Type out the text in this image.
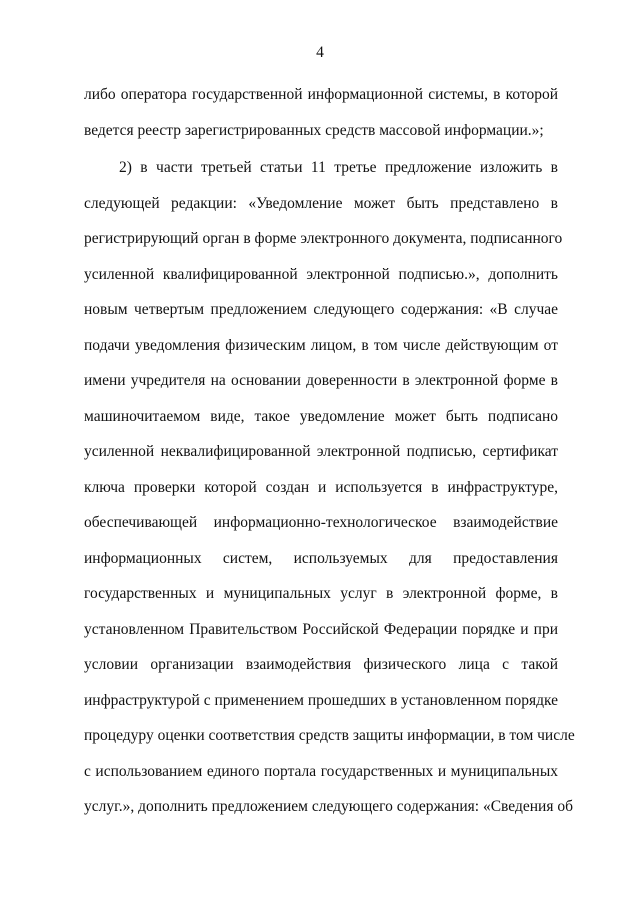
4
либо оператора государственной информационной системы, в которой
ведется реестр зарегистрированных средств массовой информации.»;
2) в части третьей статьи 11 третье предложение изложить в
следующей редакции: «Уведомление может быть представлено в
регистрирующий орган в форме электронного документа, подписанного
усиленной квалифицированной электронной подписью.», дополнить
новым четвертым предложением следующего содержания: «В случае
подачи уведомления физическим лицом, в том числе действующим от
имени учредителя на основании доверенности в электронной форме в
машиночитаемом виде, такое уведомление может быть подписано
усиленной неквалифицированной электронной подписью, сертификат
ключа проверки которой создан и используется в инфраструктуре,
обеспечивающей информационно-технологическое взаимодействие
информационных систем, используемых для предоставления
государственных и муниципальных услуг в электронной форме, в
установленном Правительством Российской Федерации порядке и при
условии организации взаимодействия физического лица с такой
инфраструктурой с применением прошедших в установленном порядке
процедуру оценки соответствия средств защиты информации, в том числе
с использованием единого портала государственных и муниципальных
услуг.», дополнить предложением следующего содержания: «Сведения об
